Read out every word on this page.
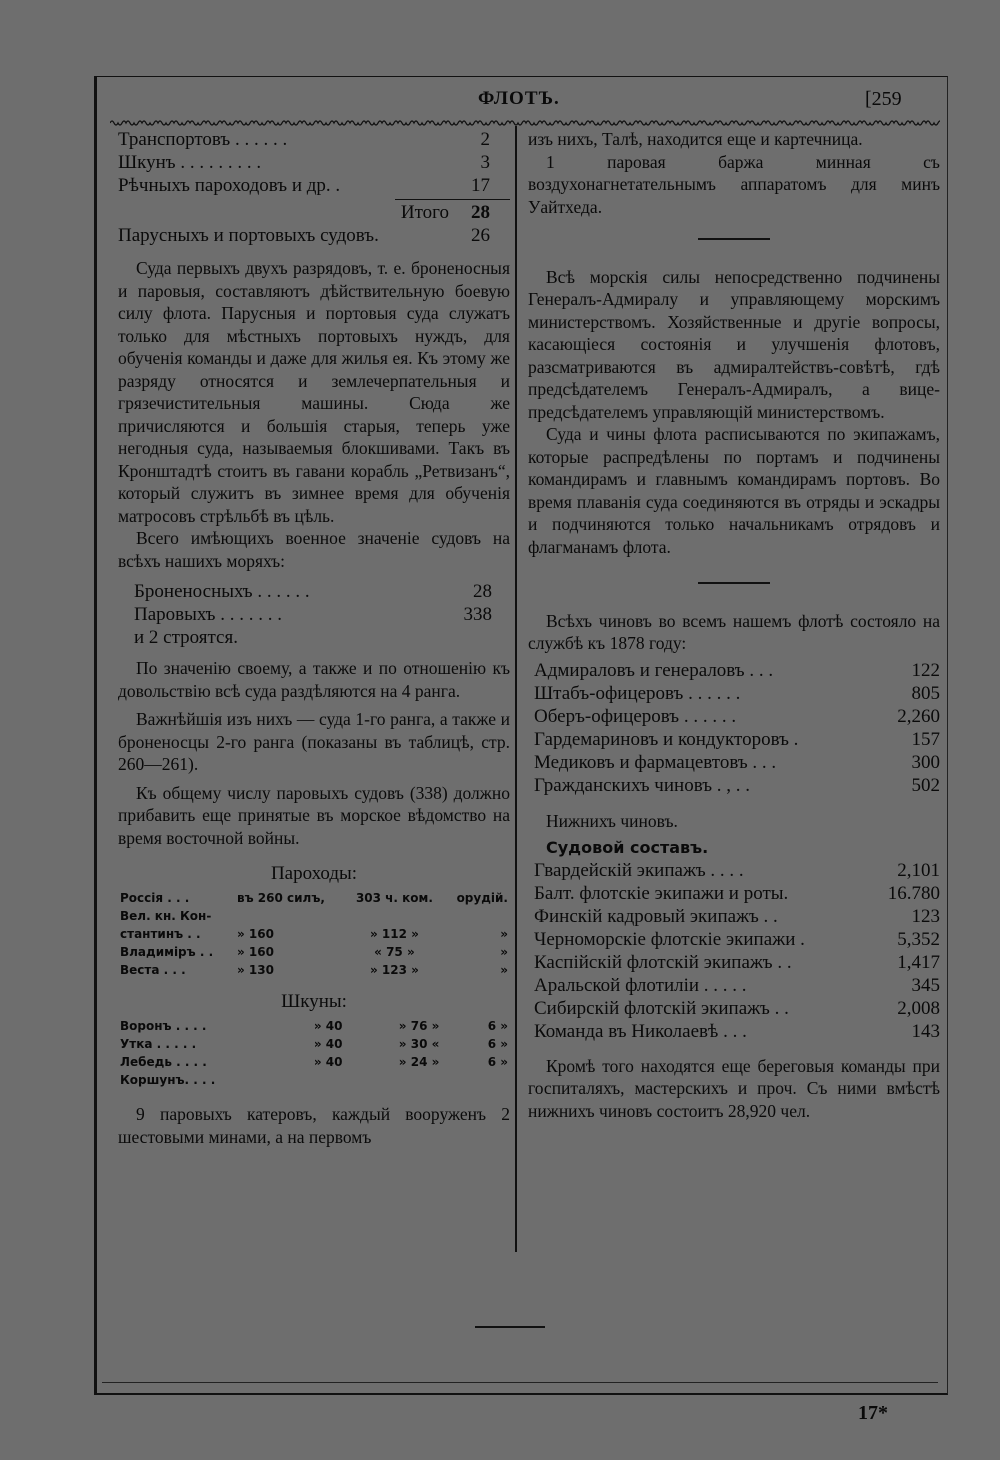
ФЛОТЪ.	[259
Транспортовъ . . . . . .	2
Шкунъ . . . . . . . . .	3
Рѣчныхъ пароходовъ и др. .	17
Итого	28
Парусныхъ и портовыхъ судовъ.	26

Суда первыхъ двухъ разрядовъ, т. е. броненосныя и паровыя, составляютъ дѣйствительную боевую силу флота. Парусныя и портовыя суда служатъ только для мѣстныхъ портовыхъ нуждъ, для обученія команды и даже для жилья ея. Къ этому же разряду относятся и землечерпательныя и грязечистительныя машины. Сюда же причисляются и большія старыя, теперь уже негодныя суда, называемыя блокшивами. Такъ въ Кронштадтѣ стоитъ въ гавани корабль „Ретвизанъ“, который служитъ въ зимнее время для обученія матросовъ стрѣльбѣ въ цѣль.

Всего имѣющихъ военное значеніе судовъ на всѣхъ нашихъ моряхъ:

Броненосныхъ . . . . . .	28
Паровыхъ . . . . . . .	338
и 2 строятся.

По значенію своему, а также и по отношенію къ довольствію всѣ суда раздѣляются на 4 ранга.

Важнѣйшія изъ нихъ — суда 1-го ранга, а также и броненосцы 2-го ранга (показаны въ таблицѣ, стр. 260—261).

Къ общему числу паровыхъ судовъ (338) должно прибавить еще принятые въ морское вѣдомство на время восточной войны.

Пароходы:
Россія . . .	въ 260 силъ,	303 ч. ком.	орудій.
Вел. кн. Кон-			
стантинъ . .	» 160	» 112 »	»
Владиміръ . .	» 160	« 75 »	»
Веста . . .	» 130	» 123 »	»
Шкуны:
Воронъ . . . .	» 40	» 76 »	6 »
Утка . . . . .	» 40	» 30 «	6 »
Лебедь . . . .	» 40	» 24 »	6 »
Коршунъ. . . .			

9 паровыхъ катеровъ, каждый вооруженъ 2 шестовыми минами, а на первомъ

изъ нихъ, Талѣ, находится еще и картечница.

1 паровая баржа минная съ воздухонагнетательнымъ аппаратомъ для минъ Уайтхеда.

Всѣ морскія силы непосредственно подчинены Генералъ-Адмиралу и управляющему морскимъ министерствомъ. Хозяйственные и другіе вопросы, касающіеся состоянія и улучшенія флотовъ, разсматриваются въ адмиралтействъ-совѣтѣ, гдѣ предсѣдателемъ Генералъ-Адмиралъ, а вице-предсѣдателемъ управляющій министерствомъ.

Суда и чины флота расписываются по экипажамъ, которые распредѣлены по портамъ и подчинены командирамъ и главнымъ командирамъ портовъ. Во время плаванія суда соединяются въ отряды и эскадры и подчиняются только начальникамъ отрядовъ и флагманамъ флота.

Всѣхъ чиновъ во всемъ нашемъ флотѣ состояло на службѣ къ 1878 году:

Адмираловъ и генераловъ . . .	122
Штабъ-офицеровъ . . . . . .	805
Оберъ-офицеровъ . . . . . .	2,260
Гардемариновъ и кондукторовъ .	157
Медиковъ и фармацевтовъ . . .	300
Гражданскихъ чиновъ . , . .	502
Нижнихъ чиновъ.
Судовой составъ.
Гвардейскій экипажъ . . . .	2,101
Балт. флотскіе экипажи и роты.	16.780
Финскій кадровый экипажъ . .	123
Черноморскіе флотскіе экипажи .	5,352
Каспійскій флотскій экипажъ . .	1,417
Аральской флотиліи . . . . .	345
Сибирскій флотскій экипажъ . .	2,008
Команда въ Николаевѣ . . .	143

Кромѣ того находятся еще береговыя команды при госпиталяхъ, мастерскихъ и проч. Съ ними вмѣстѣ нижнихъ чиновъ состоитъ 28,920 чел.

17*
